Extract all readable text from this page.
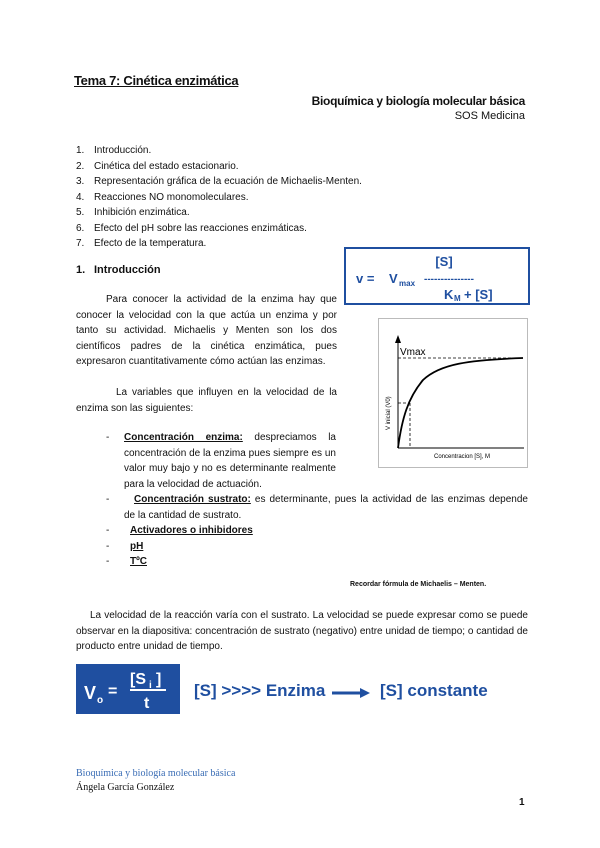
Tema 7: Cinética enzimática
Bioquímica y biología molecular básica
SOS Medicina
1. Introducción.
2. Cinética del estado estacionario.
3. Representación gráfica de la ecuación de Michaelis-Menten.
4. Reacciones NO monomoleculares.
5. Inhibición enzimática.
6. Efecto del pH sobre las reacciones enzimáticas.
7. Efecto de la temperatura.
1. Introducción
Para conocer la actividad de la enzima hay que conocer la velocidad con la que actúa un enzima y por tanto su actividad. Michaelis y Menten son los dos científicos padres de la cinética enzimática, pues expresaron cuantitativamente cómo actúan las enzimas.
La variables que influyen en la velocidad de la enzima son las siguientes:
-	Concentración enzima: despreciamos la concentración de la enzima pues siempre es un valor muy bajo y no es determinante realmente para la velocidad de actuación.
-	Concentración sustrato: es determinante, pues la actividad de las enzimas depende de la cantidad de sustrato.
-	Activadores o inhibidores
-	pH
-	TºC
[S]
v = V max ---------------
K M + [S]
Vmax
V inicial (V0)
Concentracion [S], M
Recordar fórmula de Michaelis – Menten.
La velocidad de la reacción varía con el sustrato. La velocidad se puede expresar como se puede observar en la diapositiva: concentración de sustrato (negativo) entre unidad de tiempo; o cantidad de producto entre unidad de tiempo.
V o
=
[S i ]
t
[S] >>>> Enzima	[S] constante
Bioquímica y biología molecular básica
Ángela García González
1
